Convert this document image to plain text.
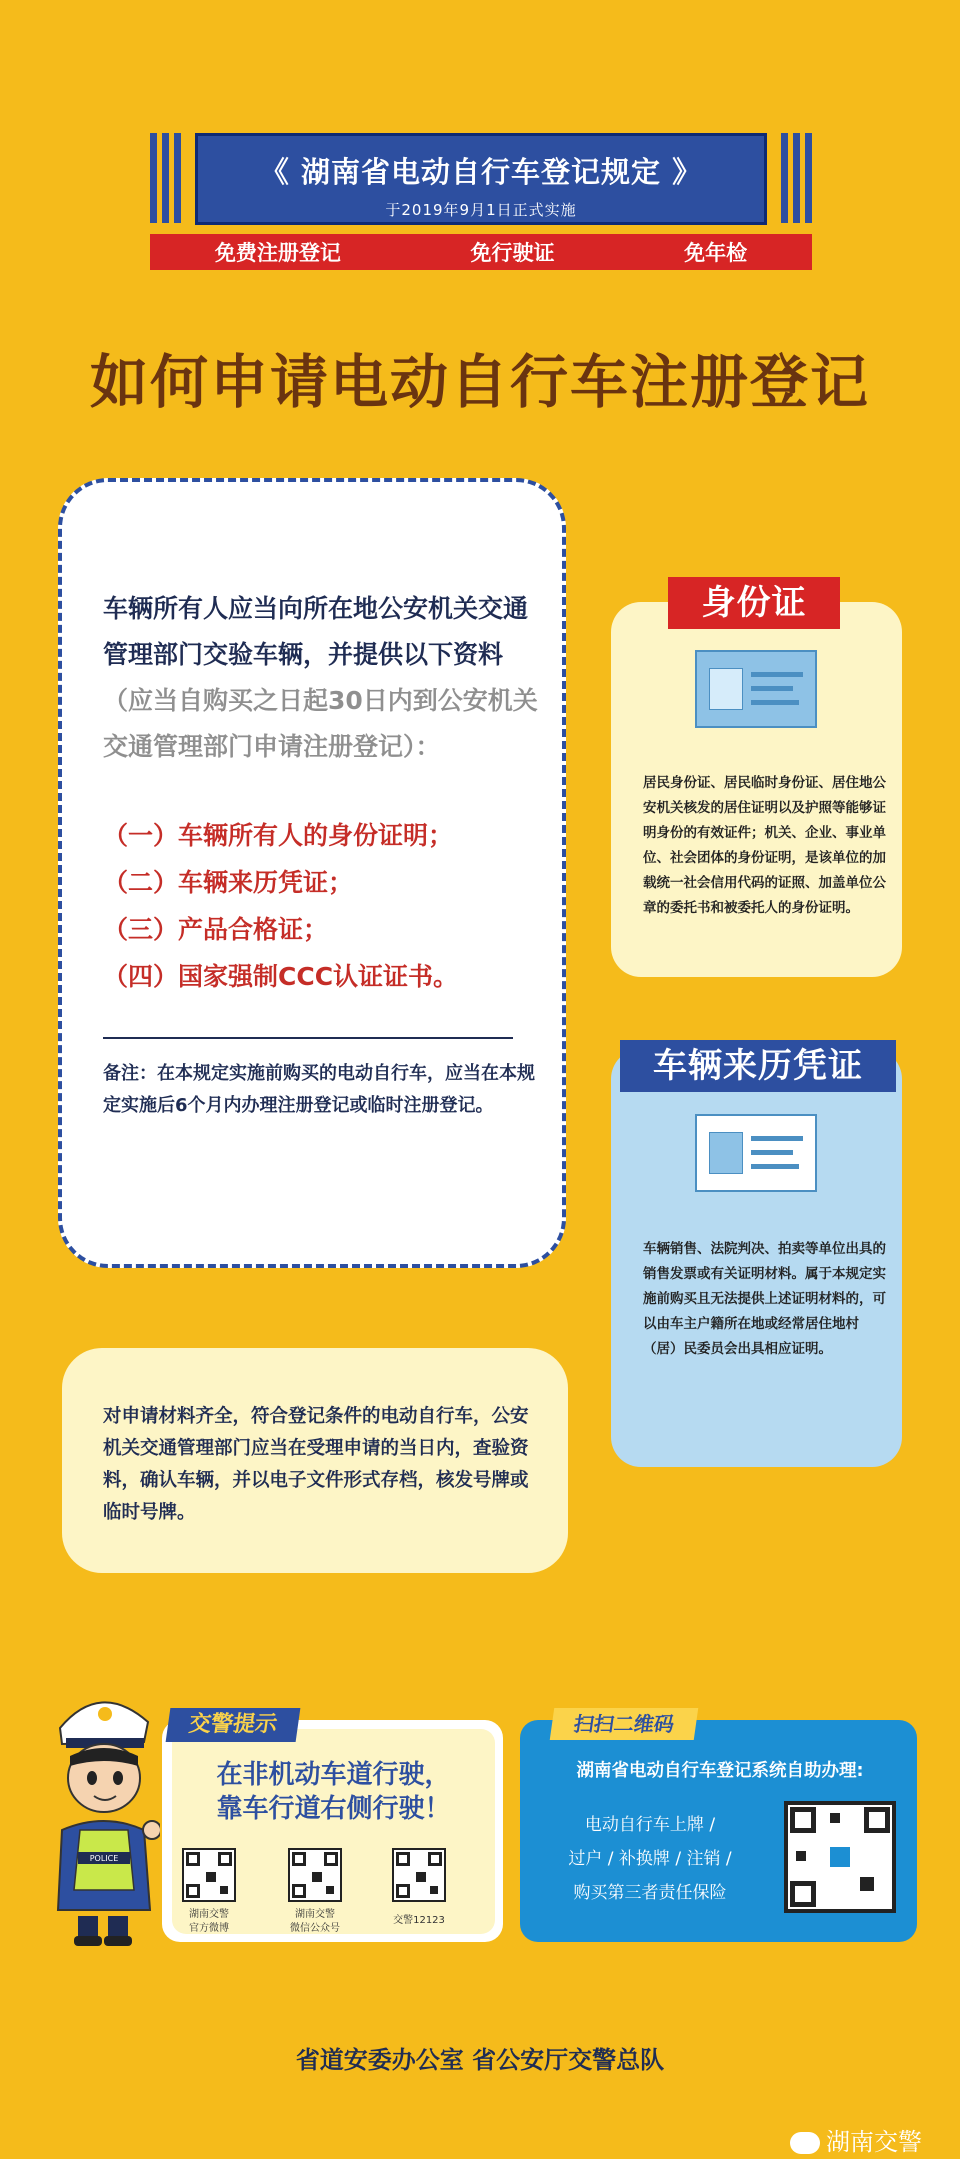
《 湖南省电动自行车登记规定 》
于2019年9月1日正式实施
免费注册登记	免行驶证	免年检
如何申请电动自行车注册登记
车辆所有人应当向所在地公安机关交通管理部门交验车辆，并提供以下资料（应当自购买之日起30日内到公安机关交通管理部门申请注册登记）：
（一）车辆所有人的身份证明；
（二）车辆来历凭证；
（三）产品合格证；
（四）国家强制CCC认证证书。
备注：在本规定实施前购买的电动自行车，应当在本规定实施后6个月内办理注册登记或临时注册登记。
身份证
居民身份证、居民临时身份证、居住地公安机关核发的居住证明以及护照等能够证明身份的有效证件；机关、企业、事业单位、社会团体的身份证明，是该单位的加载统一社会信用代码的证照、加盖单位公章的委托书和被委托人的身份证明。
车辆来历凭证
车辆销售、法院判决、拍卖等单位出具的销售发票或有关证明材料。属于本规定实施前购买且无法提供上述证明材料的，可以由车主户籍所在地或经常居住地村（居）民委员会出具相应证明。
对申请材料齐全，符合登记条件的电动自行车，公安机关交通管理部门应当在受理申请的当日内，查验资料，确认车辆，并以电子文件形式存档，核发号牌或临时号牌。
POLICE
交警提示
在非机动车道行驶，
靠车行道右侧行驶！
湖南交警
官方微博
湖南交警
微信公众号
交警12123
扫扫二维码
湖南省电动自行车登记系统自助办理:
电动自行车上牌 /
过户 / 补换牌 / 注销 /
购买第三者责任保险
省道安委办公室 省公安厅交警总队
湖南交警
